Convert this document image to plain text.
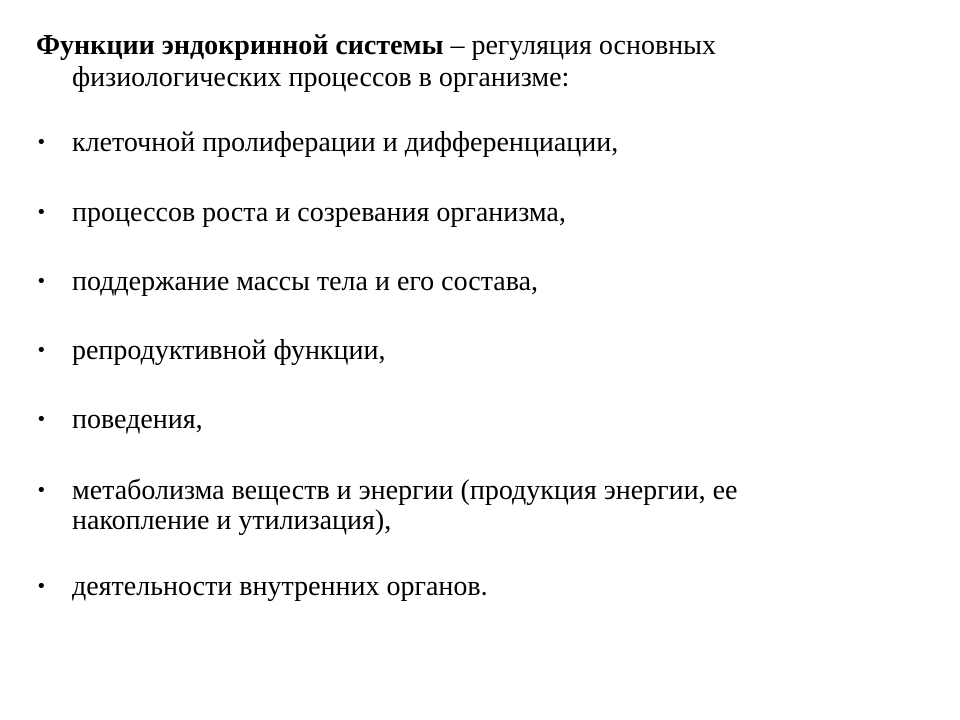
Функции эндокринной системы – регуляция основных
физиологических процессов в организме:

• клеточной пролиферации и дифференциации,
• процессов роста и созревания организма,
• поддержание массы тела и его состава,
• репродуктивной функции,
• поведения,
• метаболизма веществ и энергии (продукция энергии, ее
накопление и утилизация),
• деятельности внутренних органов.
